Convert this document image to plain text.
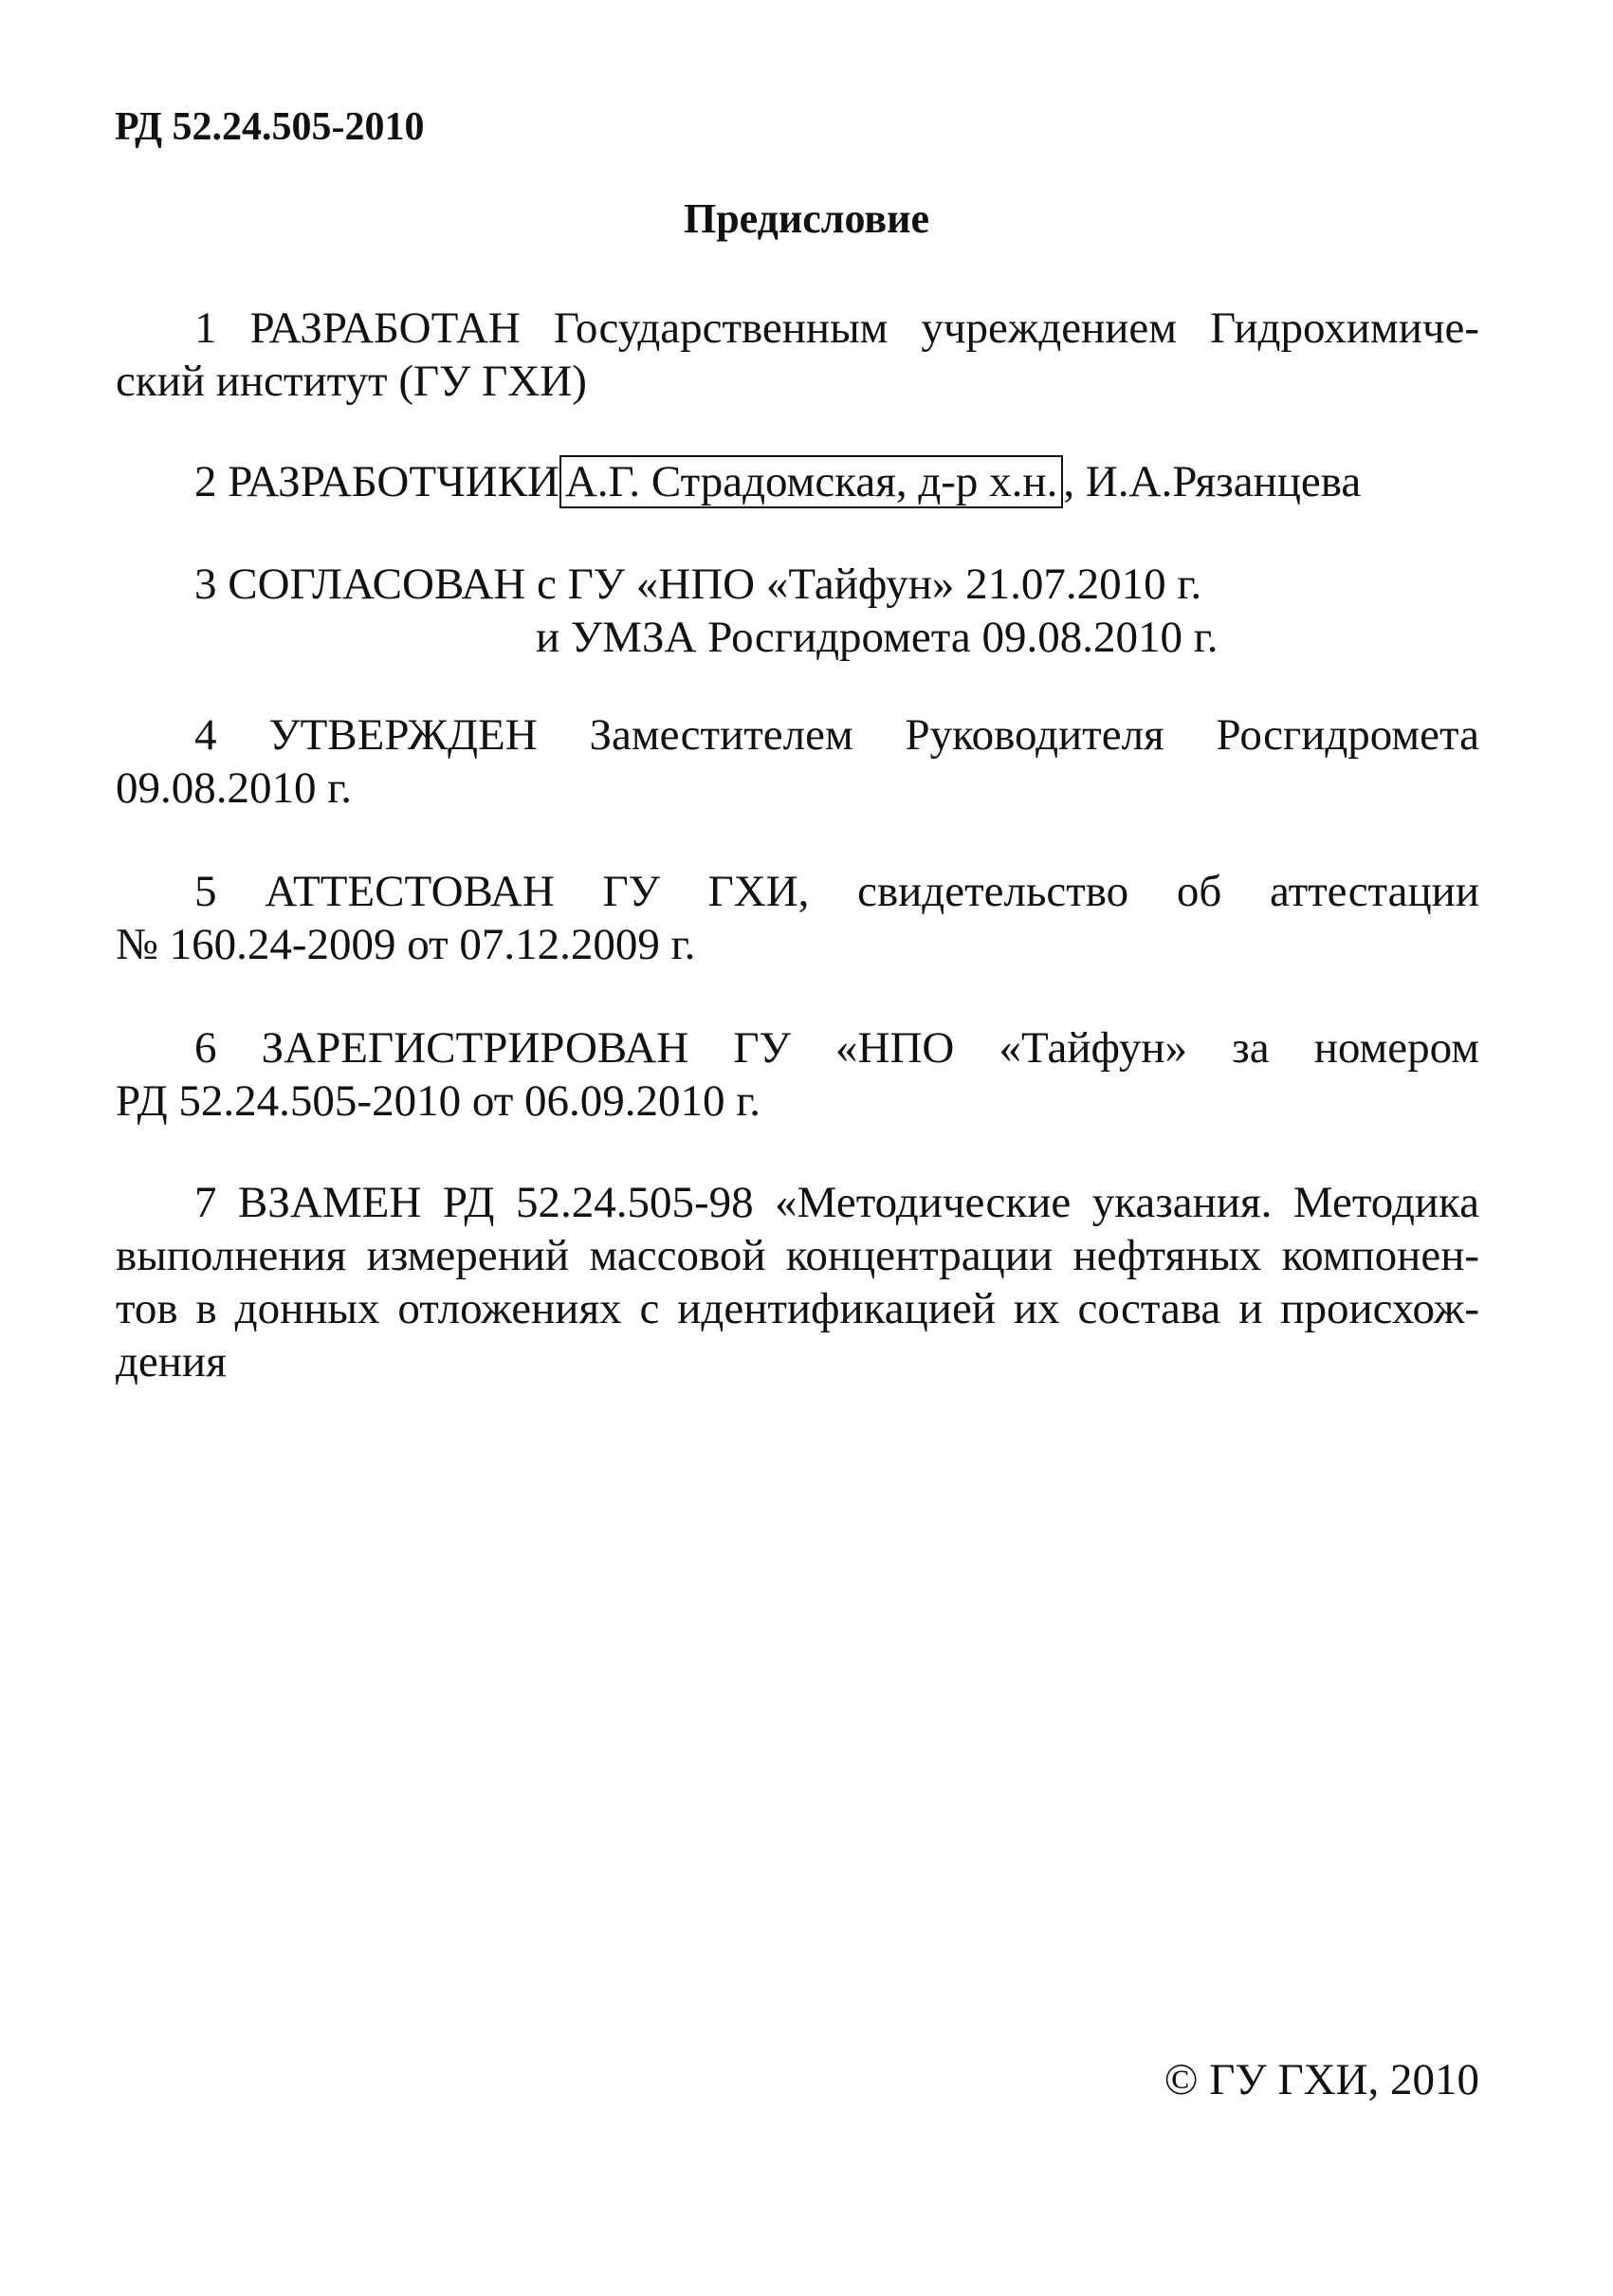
РД 52.24.505-2010
Предисловие
1 РАЗРАБОТАН Государственным учреждением Гидрохимиче-
ский институт (ГУ ГХИ)
2 РАЗРАБОТЧИКИ А.Г. Страдомская, д-р х.н. , И.А.Рязанцева
3 СОГЛАСОВАН с ГУ «НПО «Тайфун» 21.07.2010 г.
и УМЗА Росгидромета 09.08.2010 г.
4 УТВЕРЖДЕН Заместителем Руководителя Росгидромета
09.08.2010 г.
5 АТТЕСТОВАН ГУ ГХИ, свидетельство об аттестации
№ 160.24-2009 от 07.12.2009 г.
6 ЗАРЕГИСТРИРОВАН ГУ «НПО «Тайфун» за номером
РД 52.24.505-2010 от 06.09.2010 г.
7 ВЗАМЕН РД 52.24.505-98 «Методические указания. Методика
выполнения измерений массовой концентрации нефтяных компонен-
тов в донных отложениях с идентификацией их состава и происхож-
дения
© ГУ ГХИ, 2010
